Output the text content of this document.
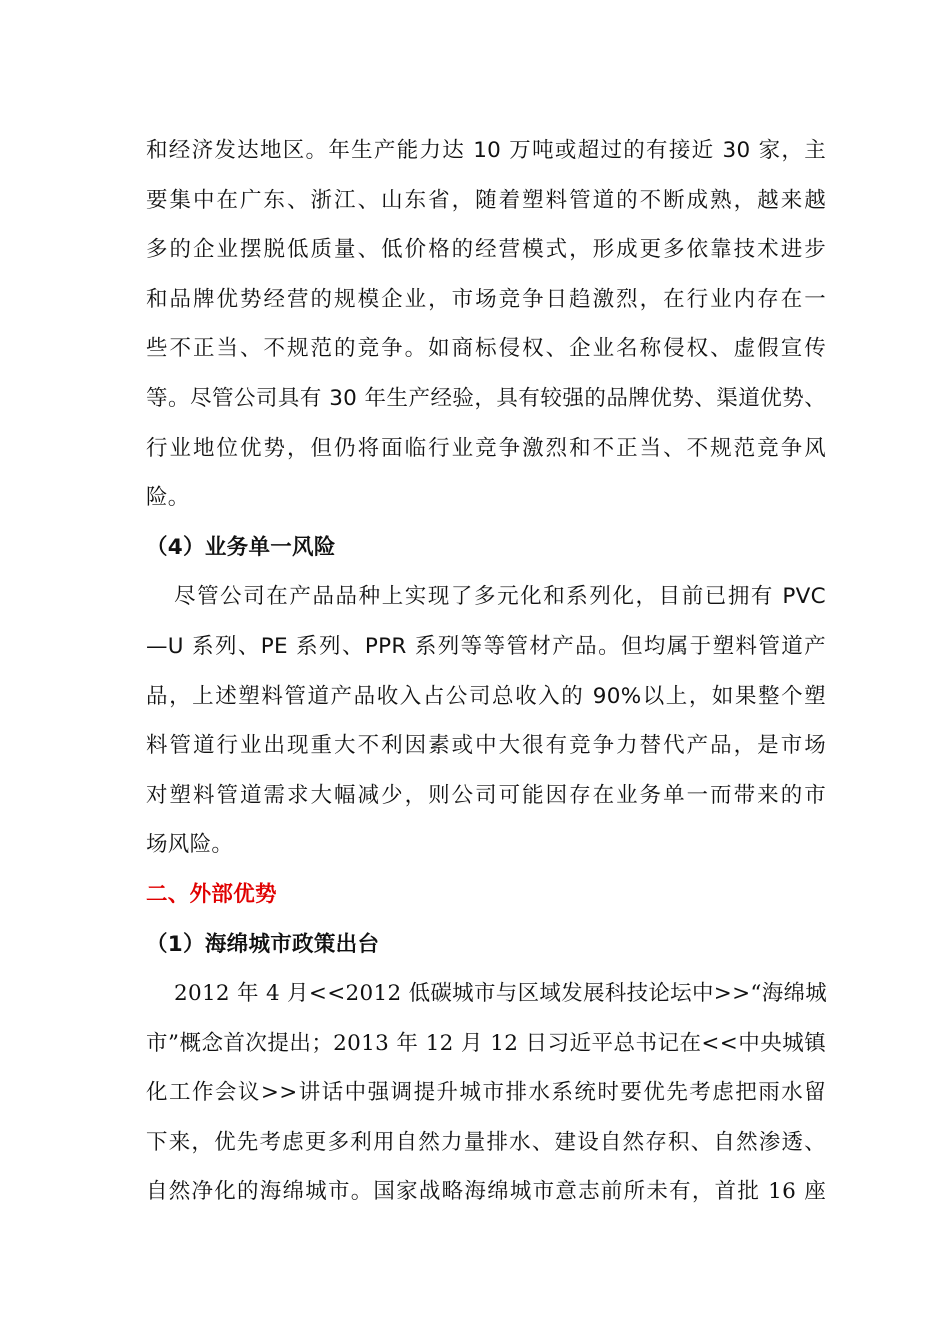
和经济发达地区。年生产能力达 10 万吨或超过的有接近 30 家，主
要集中在广东、浙江、山东省，随着塑料管道的不断成熟，越来越
多的企业摆脱低质量、低价格的经营模式，形成更多依靠技术进步
和品牌优势经营的规模企业，市场竞争日趋激烈，在行业内存在一
些不正当、不规范的竞争。如商标侵权、企业名称侵权、虚假宣传
等。尽管公司具有 30 年生产经验，具有较强的品牌优势、渠道优势、
行业地位优势，但仍将面临行业竞争激烈和不正当、不规范竞争风
险。
（4）业务单一风险
尽管公司在产品品种上实现了多元化和系列化，目前已拥有 PVC
—U 系列、PE 系列、PPR 系列等等管材产品。但均属于塑料管道产
品，上述塑料管道产品收入占公司总收入的 90%以上，如果整个塑
料管道行业出现重大不利因素或中大很有竞争力替代产品，是市场
对塑料管道需求大幅减少，则公司可能因存在业务单一而带来的市
场风险。
二、外部优势
（1）海绵城市政策出台
2012 年 4 月<<2012 低碳城市与区域发展科技论坛中>>“海绵城
市”概念首次提出；2013 年 12 月 12 日习近平总书记在<<中央城镇
化工作会议>>讲话中强调提升城市排水系统时要优先考虑把雨水留
下来，优先考虑更多利用自然力量排水、建设自然存积、自然渗透、
自然净化的海绵城市。国家战略海绵城市意志前所未有，首批 16 座
